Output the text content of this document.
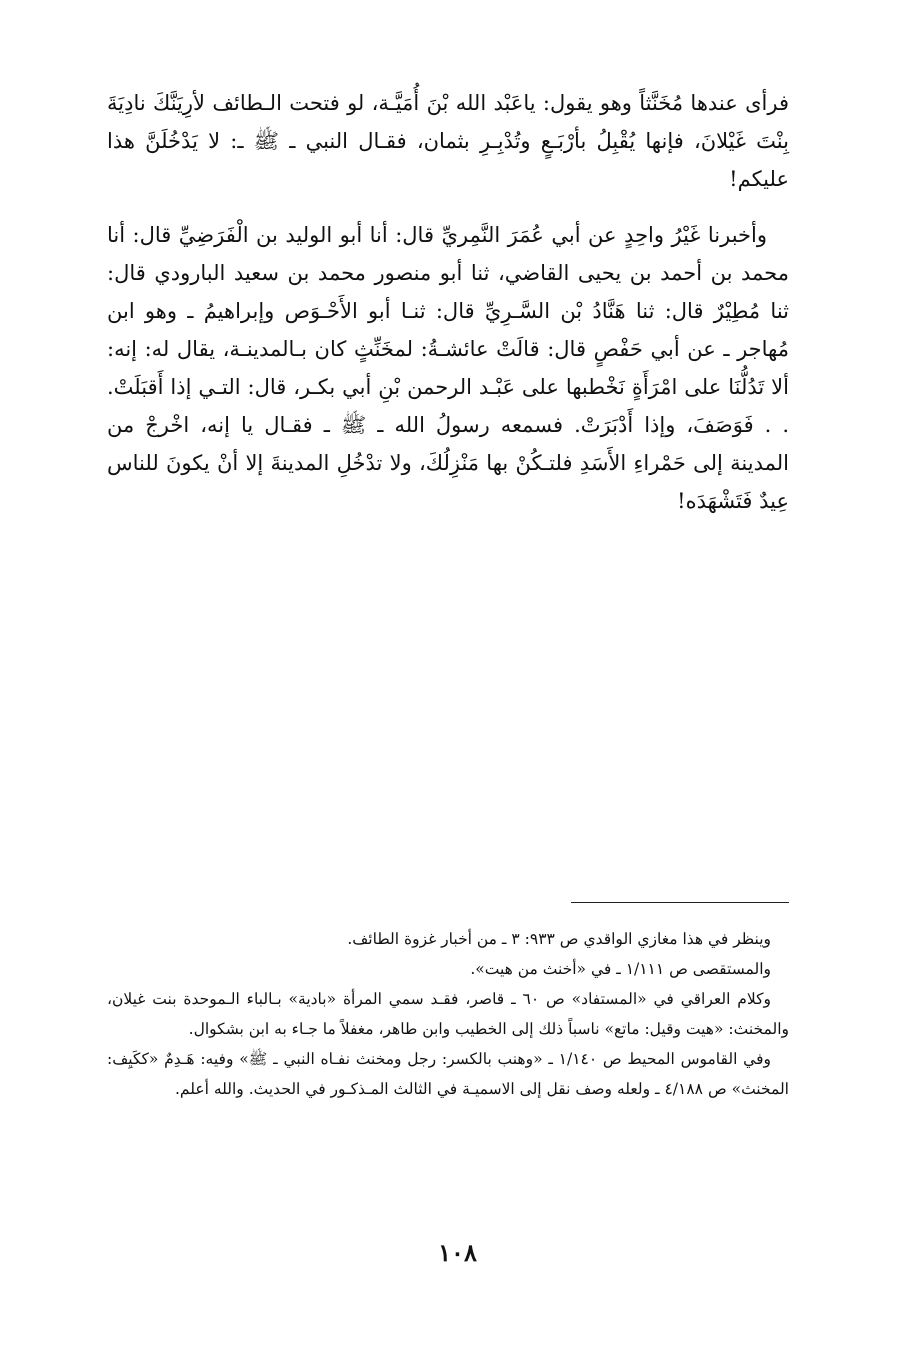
فرأى عندها مُخَنَّثاً وهو يقول: ياعَبْد الله بْنَ أُمَيَّـة، لو فتحت الـطائف لأرِيَنَّكَ نادِيَةَ بِنْتَ غَيْلانَ، فإنها يُقْبِلُ بأرْبَـعٍ وتُدْبِـرِ بثمان، فقـال النبي ـ ﷺ ـ: لا يَدْخُلَنَّ هذا عليكم!

وأخبرنا غَيْرُ واحِدٍ عن أبي عُمَرَ النَّمِريِّ قال: أنا أبو الوليد بن الْفَرَضِيِّ قال: أنا محمد بن أحمد بن يحيى القاضي، ثنا أبو منصور محمد بن سعيد البارودي قال: ثنا مُطِيْرٌ قال: ثنا هَنَّادُ بْن السَّـرِيِّ قال: ثنـا أبو الأَحْـوَص وإبراهيمُ ـ وهو ابن مُهاجر ـ عن أبي حَفْصٍ قال: قالَتْ عائشـةُ: لمخَنِّثٍ كان بـالمدينـة، يقال له: إنه: ألا تَدُلُّنَا على امْرَأَةٍ نَخْطبها على عَبْـد الرحمن بْنِ أبي بكـر، قال: التـي إذا أَقبَلَتْ. . . فَوَصَفَ، وإذا أَدْبَرَتْ. فسمعه رسولُ الله ـ ﷺ ـ فقـال يا إنه، اخْرجْ من المدينة إلى حَمْراءِ الأَسَدِ فلتـكُنْ بها مَنْزِلُكَ، ولا تدْخُلِ المدينةَ إلا أنْ يكونَ للناس عِيدٌ فَتَشْهَدَه!

وينظر في هذا مغازي الواقدي ص ٩٣٣: ٣ ـ من أخبار غزوة الطائف.

والمستقصى ص ١/١١١ ـ في «أخنث من هيت».

وكلام العراقي في «المستفاد» ص ٦٠ ـ قاصر، فقـد سمي المرأة «بادية» بـالباء الـموحدة بنت غيلان، والمخنث: «هيت وقيل: ماتع» ناسباً ذلك إلى الخطيب وابن طاهر، مغفلاً ما جـاء به ابن بشكوال.

وفي القاموس المحيط ص ١/١٤٠ ـ «وهنب بالكسر: رجل ومخنث نفـاه النبي ـ ﷺ» وفيه: هَـدِمٌ «ككَيِف: المخنث» ص ٤/١٨٨ ـ ولعله وصف نقل إلى الاسميـة في الثالث المـذكـور في الحديث. والله أعلم.

١٠٨
